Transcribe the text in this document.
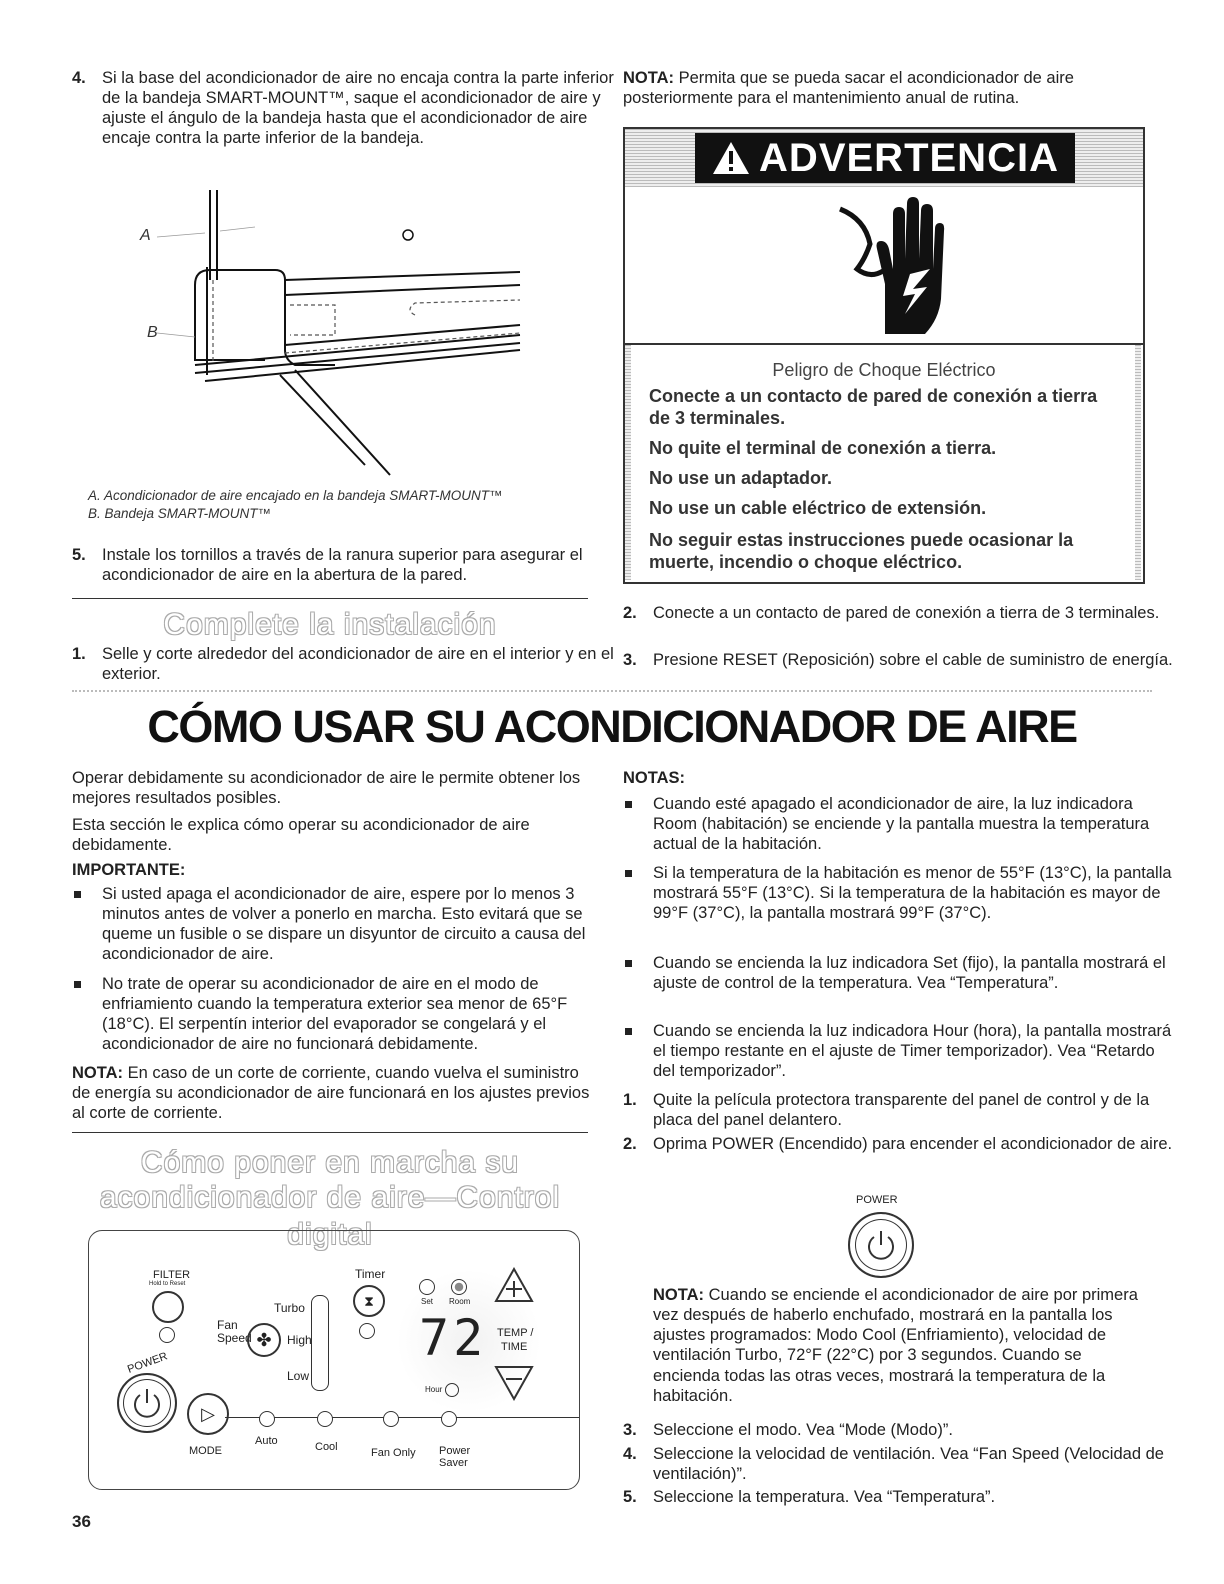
4. Si la base del acondicionador de aire no encaja contra la parte inferior de la bandeja SMART-MOUNT™, saque el acondicionador de aire y ajuste el ángulo de la bandeja hasta que el acondicionador de aire encaje contra la parte inferior de la bandeja.
A
B
A. Acondicionador de aire encajado en la bandeja SMART-MOUNT™
B. Bandeja SMART-MOUNT™
5. Instale los tornillos a través de la ranura superior para asegurar el acondicionador de aire en la abertura de la pared.
Complete la instalación
1. Selle y corte alrededor del acondicionador de aire en el interior y en el exterior.
NOTA: Permita que se pueda sacar el acondicionador de aire posteriormente para el mantenimiento anual de rutina.
ADVERTENCIA
Peligro de Choque Eléctrico
Conecte a un contacto de pared de conexión a tierra de 3 terminales.
No quite el terminal de conexión a tierra.
No use un adaptador.
No use un cable eléctrico de extensión.
No seguir estas instrucciones puede ocasionar la muerte, incendio o choque eléctrico.
2. Conecte a un contacto de pared de conexión a tierra de 3 terminales.
3. Presione RESET (Reposición) sobre el cable de suministro de energía.
CÓMO USAR SU ACONDICIONADOR DE AIRE
Operar debidamente su acondicionador de aire le permite obtener los mejores resultados posibles.
Esta sección le explica cómo operar su acondicionador de aire debidamente.
IMPORTANTE:
Si usted apaga el acondicionador de aire, espere por lo menos 3 minutos antes de volver a ponerlo en marcha. Esto evitará que se queme un fusible o se dispare un disyuntor de circuito a causa del acondicionador de aire.
No trate de operar su acondicionador de aire en el modo de enfriamiento cuando la temperatura exterior sea menor de 65°F (18°C). El serpentín interior del evaporador se congelará y el acondicionador de aire no funcionará debidamente.
NOTA: En caso de un corte de corriente, cuando vuelva el suministro de energía su acondicionador de aire funcionará en los ajustes previos al corte de corriente.
Cómo poner en marcha su
acondicionador de aire—Control digital
FILTER
Hold to Reset
Fan
Speed ✤
Turbo
High
Low
Timer
⧗	Set Room
72 TEMP /
TIME
Hour
POWER
▷
MODE
Auto	Cool	Fan Only Power
Saver
36
NOTAS:
Cuando esté apagado el acondicionador de aire, la luz indicadora Room (habitación) se enciende y la pantalla muestra la temperatura actual de la habitación.
Si la temperatura de la habitación es menor de 55°F (13°C), la pantalla mostrará 55°F (13°C). Si la temperatura de la habitación es mayor de 99°F (37°C), la pantalla mostrará 99°F (37°C).
Cuando se encienda la luz indicadora Set (fijo), la pantalla mostrará el ajuste de control de la temperatura. Vea “Temperatura”.
Cuando se encienda la luz indicadora Hour (hora), la pantalla mostrará el tiempo restante en el ajuste de Timer temporizador). Vea “Retardo del temporizador”.
1. Quite la película protectora transparente del panel de control y de la placa del panel delantero.
2. Oprima POWER (Encendido) para encender el acondicionador de aire.
POWER
NOTA: Cuando se enciende el acondicionador de aire por primera vez después de haberlo enchufado, mostrará en la pantalla los ajustes programados: Modo Cool (Enfriamiento), velocidad de ventilación Turbo, 72°F (22°C) por 3 segundos. Cuando se encienda todas las otras veces, mostrará la temperatura de la habitación.
3. Seleccione el modo. Vea “Mode (Modo)”.
4. Seleccione la velocidad de ventilación. Vea “Fan Speed (Velocidad de ventilación)”.
5. Seleccione la temperatura. Vea “Temperatura”.
